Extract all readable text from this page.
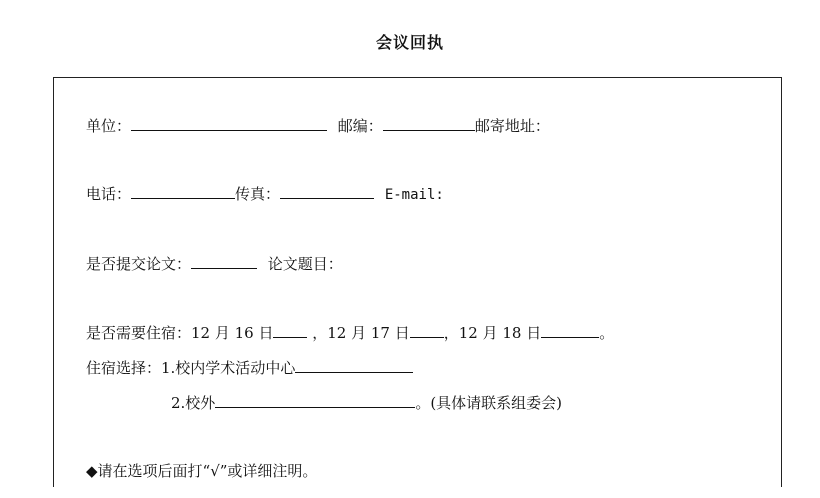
会议回执
单位：	邮编：	邮寄地址：
电话：	传真：	E-mail:
是否提交论文：	论文题目：
是否需要住宿：12 月 16 日	，12 月 17 日 ，12 月 18 日	。
住宿选择：1.校内学术活动中心
2.校外	。(具体请联系组委会)
◆请在选项后面打“√”或详细注明。
